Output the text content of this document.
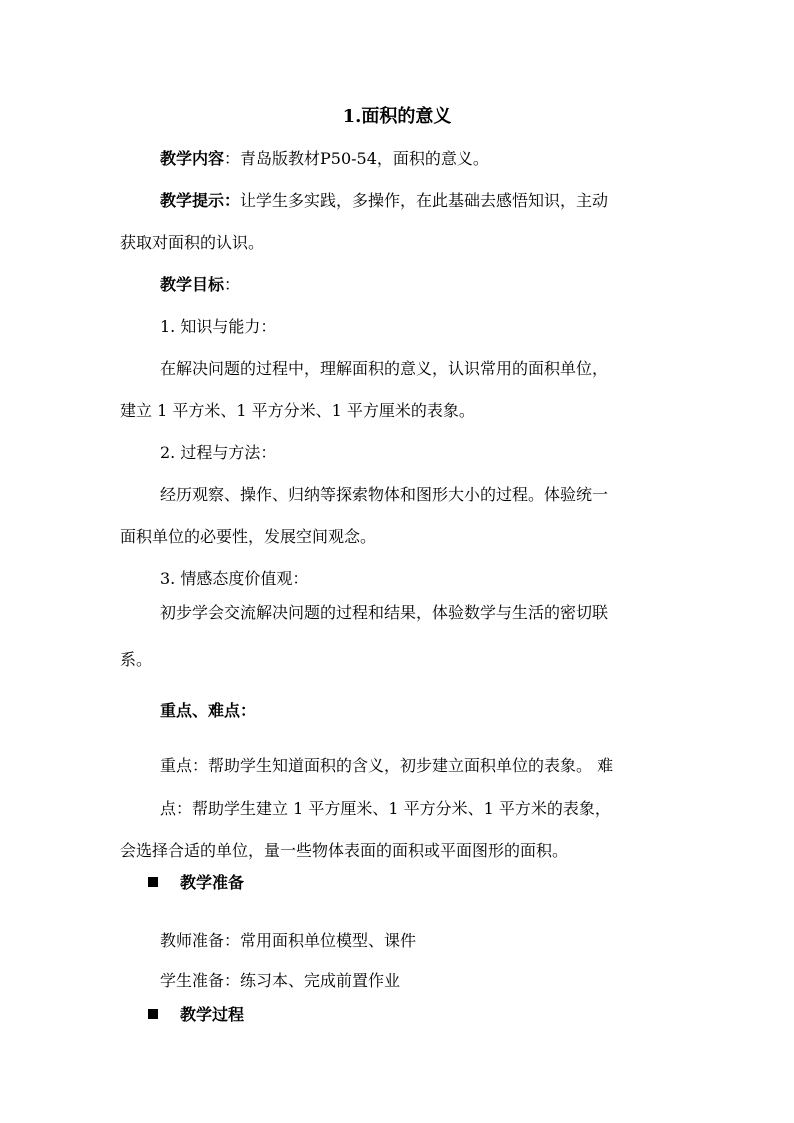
1.面积的意义
教学内容：青岛版教材P50-54，面积的意义。
教学提示：让学生多实践，多操作，在此基础去感悟知识，主动
获取对面积的认识。
教学目标：
1. 知识与能力：
在解决问题的过程中，理解面积的意义，认识常用的面积单位，
建立 1 平方米、1 平方分米、1 平方厘米的表象。
2. 过程与方法：
经历观察、操作、归纳等探索物体和图形大小的过程。体验统一
面积单位的必要性，发展空间观念。
3. 情感态度价值观：
初步学会交流解决问题的过程和结果，体验数学与生活的密切联
系。
重点、难点：
重点：帮助学生知道面积的含义，初步建立面积单位的表象。 难
点：帮助学生建立 1 平方厘米、1 平方分米、1 平方米的表象，
会选择合适的单位，量一些物体表面的面积或平面图形的面积。
教学准备
教师准备：常用面积单位模型、课件
学生准备：练习本、完成前置作业
教学过程
